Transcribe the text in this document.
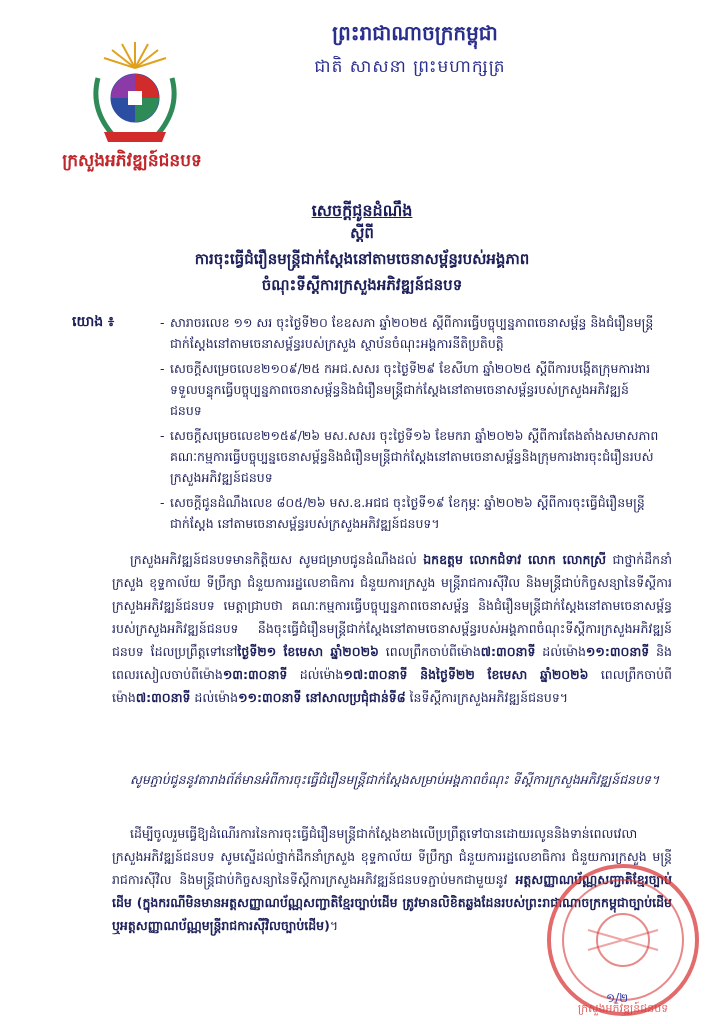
ព្រះរាជាណាចក្រកម្ពុជា
ជាតិ សាសនា ព្រះមហាក្សត្រ
ក្រសួងអភិវឌ្ឍន៍ជនបទ
សេចក្តីជូនដំណឹង
ស្តីពី
ការចុះធ្វើជំរឿនមន្ត្រីជាក់ស្តែងនៅតាមចេនាសម្ព័ន្ធរបស់អង្គភាព
ចំណុះទីស្តីការក្រសួងអភិវឌ្ឍន៍ជនបទ
យោង ៖
-	សារាចរលេខ ១១ សរ ចុះថ្ងៃទី២០ ខែឧសភា ឆ្នាំ២០២៥ ស្តីពីការធ្វើបច្ចុប្បន្នភាពចេនាសម្ព័ន្ធ និងជំរឿនមន្ត្រីជាក់ស្តែងនៅតាមចេនាសម្ព័ន្ធរបស់ក្រសួង ស្ថាប័នចំណុះអង្គការនីតិប្រតិបត្តិ
- សេចក្តីសម្រេចលេខ២១០៩/២៥ កអជ.សសរ ចុះថ្ងៃទី២៩ ខែសីហា ឆ្នាំ២០២៥ ស្តីពីការបង្កើតក្រុមការងារទទួលបន្ទុកធ្វើបច្ចុប្បន្នភាពចេនាសម្ព័ន្ធនិងជំរឿនមន្ត្រីជាក់ស្តែងនៅតាមចេនាសម្ព័ន្ធរបស់ក្រសួងអភិវឌ្ឍន៍ជនបទ
- សេចក្តីសម្រេចលេខ២១៥៩/២៦ មស.សសរ ចុះថ្ងៃទី១៦ ខែមករា ឆ្នាំ២០២៦ ស្តីពីការតែងតាំងសមាសភាពគណៈកម្មការធ្វើបច្ចុប្បន្នចេនាសម្ព័ន្ធនិងជំរឿនមន្ត្រីជាក់ស្តែងនៅតាមចេនាសម្ព័ន្ធនិងក្រុមការងារចុះជំរឿនរបស់ក្រសួងអភិវឌ្ឍន៍ជនបទ
- សេចក្តីជូនដំណឹងលេខ ៨០៥/២៦ មស.ឧ.អជជ ចុះថ្ងៃទី១៩ ខែកុម្ភៈ ឆ្នាំ២០២៦ ស្តីពីការចុះធ្វើជំរឿនមន្ត្រីជាក់ស្តែង នៅតាមចេនាសម្ព័ន្ធរបស់ក្រសួងអភិវឌ្ឍន៍ជនបទ។
ក្រសួងអភិវឌ្ឍន៍ជនបទមានកិត្តិយស សូមជម្រាបជូនដំណឹងដល់ ឯកឧត្តម លោកជំទាវ លោក លោកស្រី ជាថ្នាក់ដឹកនាំក្រសួង ខុទ្ទកាល័យ ទីប្រឹក្សា ជំនួយការរដ្ឋលេខាធិការ ជំនួយការក្រសួង មន្ត្រីរាជការស៊ីវិល និងមន្ត្រីជាប់កិច្ចសន្យានៃទីស្តីការក្រសួងអភិវឌ្ឍន៍ជនបទ មេត្តាជ្រាបថា គណៈកម្មការធ្វើបច្ចុប្បន្នភាពចេនាសម្ព័ន្ធ និងជំរឿនមន្ត្រីជាក់ស្តែងនៅតាមចេនាសម្ព័ន្ធរបស់ក្រសួងអភិវឌ្ឍន៍ជនបទ នឹងចុះធ្វើជំរឿនមន្ត្រីជាក់ស្តែងនៅតាមចេនាសម្ព័ន្ធរបស់អង្គភាពចំណុះទីស្តីការក្រសួងអភិវឌ្ឍន៍ជនបទ ដែលប្រព្រឹត្តទៅនៅថ្ងៃទី២១ ខែមេសា ឆ្នាំ២០២៦ ពេលព្រឹកចាប់ពីម៉ោង៧:៣០នាទី ដល់ម៉ោង១១:៣០នាទី និងពេលរសៀលចាប់ពីម៉ោង១៣:៣០នាទី ដល់ម៉ោង១៧:៣០នាទី និងថ្ងៃទី២២ ខែមេសា ឆ្នាំ២០២៦ ពេលព្រឹកចាប់ពីម៉ោង៧:៣០នាទី ដល់ម៉ោង១១:៣០នាទី នៅសាលប្រជុំជាន់ទី៨ នៃទីស្តីការក្រសួងអភិវឌ្ឍន៍ជនបទ។
សូមភ្ជាប់ជូននូវតារាងព័ត៌មានអំពីការចុះធ្វើជំរឿនមន្ត្រីជាក់ស្តែងសម្រាប់អង្គភាពចំណុះ ទីស្តីការក្រសួងអភិវឌ្ឍន៍ជនបទ។
ដើម្បីចូលរួមធ្វើឱ្យដំណើរការនៃការចុះធ្វើជំរឿនមន្ត្រីជាក់ស្តែងខាងលើប្រព្រឹត្តទៅបានដោយរលូននិងទាន់ពេលវេលា ក្រសួងអភិវឌ្ឍន៍ជនបទ សូមស្នើដល់ថ្នាក់ដឹកនាំក្រសួង ខុទ្ទកាល័យ ទីប្រឹក្សា ជំនួយការរដ្ឋលេខាធិការ ជំនួយការក្រសួង មន្ត្រីរាជការស៊ីវិល និងមន្ត្រីជាប់កិច្ចសន្យានៃទីស្តីការក្រសួងអភិវឌ្ឍន៍ជនបទភ្ជាប់មកជាមួយនូវ អត្តសញ្ញាណប័ណ្ណសញ្ជាតិខ្មែរច្បាប់ដើម (ក្នុងករណីមិនមានអត្តសញ្ញាណប័ណ្ណសញ្ជាតិខ្មែរច្បាប់ដើម ត្រូវមានលិខិតឆ្លងដែនរបស់ព្រះរាជាណាចក្រកម្ពុជាច្បាប់ដើម ឬអត្តសញ្ញាណប័ណ្ណមន្ត្រីរាជការស៊ីវិលច្បាប់ដើម)។
ក្រសួងអភិវឌ្ឍន៍ជនបទ
១/២
